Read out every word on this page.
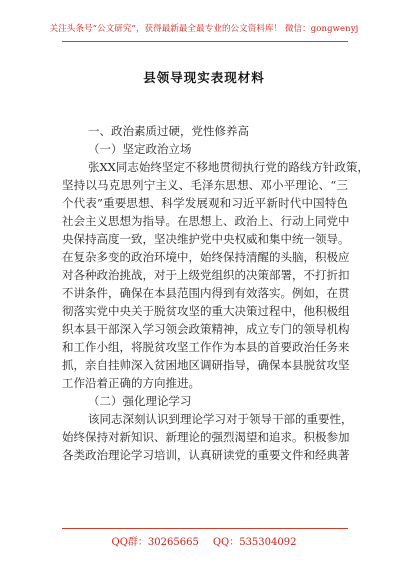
关注头条号“公文研究”，获得最新最全最专业的公文资料库！ 微信：gongwenyj
县领导现实表现材料
一、政治素质过硬，党性修养高
（一）坚定政治立场
张XX同志始终坚定不移地贯彻执行党的路线方针政策，
坚持以马克思列宁主义、毛泽东思想、邓小平理论、“三
个代表”重要思想、科学发展观和习近平新时代中国特色
社会主义思想为指导。在思想上、政治上、行动上同党中
央保持高度一致，坚决维护党中央权威和集中统一领导。
在复杂多变的政治环境中，始终保持清醒的头脑，积极应
对各种政治挑战，对于上级党组织的决策部署，不打折扣
不讲条件，确保在本县范围内得到有效落实。例如，在贯
彻落实党中央关于脱贫攻坚的重大决策过程中，他积极组
织本县干部深入学习领会政策精神，成立专门的领导机构
和工作小组，将脱贫攻坚工作作为本县的首要政治任务来
抓，亲自挂帅深入贫困地区调研指导，确保本县脱贫攻坚
工作沿着正确的方向推进。
（二）强化理论学习
该同志深刻认识到理论学习对于领导干部的重要性，
始终保持对新知识、新理论的强烈渴望和追求。积极参加
各类政治理论学习培训，认真研读党的重要文件和经典著
QQ群：30265665 QQ：535304092
